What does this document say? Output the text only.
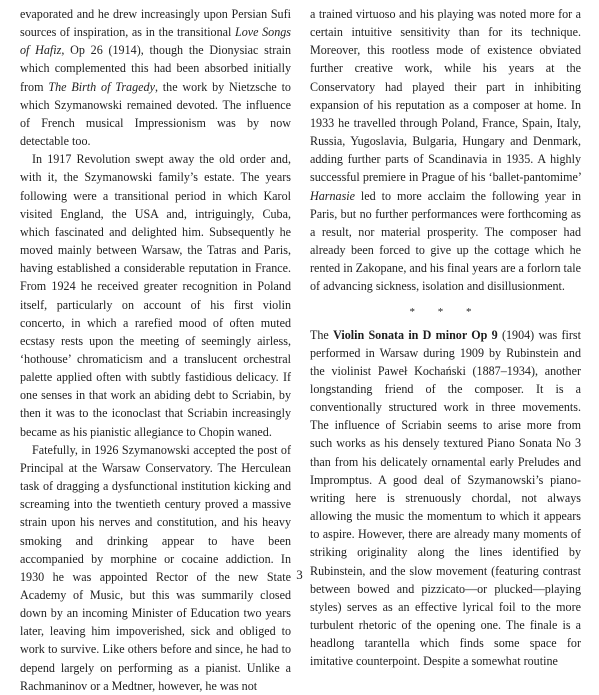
evaporated and he drew increasingly upon Persian Sufi sources of inspiration, as in the transitional Love Songs of Hafiz, Op 26 (1914), though the Dionysiac strain which complemented this had been absorbed initially from The Birth of Tragedy, the work by Nietzsche to which Szymanowski remained devoted. The influence of French musical Impressionism was by now detectable too.

In 1917 Revolution swept away the old order and, with it, the Szymanowski family’s estate. The years following were a transitional period in which Karol visited England, the USA and, intriguingly, Cuba, which fascinated and delighted him. Subsequently he moved mainly between Warsaw, the Tatras and Paris, having established a considerable reputation in France. From 1924 he received greater recognition in Poland itself, particularly on account of his first violin concerto, in which a rarefied mood of often muted ecstasy rests upon the meeting of seemingly airless, ‘hothouse’ chromaticism and a translucent orchestral palette applied often with subtly fastidious delicacy. If one senses in that work an abiding debt to Scriabin, by then it was to the iconoclast that Scriabin increasingly became as his pianistic allegiance to Chopin waned.

Fatefully, in 1926 Szymanowski accepted the post of Principal at the Warsaw Conservatory. The Herculean task of dragging a dysfunctional institution kicking and screaming into the twentieth century proved a massive strain upon his nerves and constitution, and his heavy smoking and drinking appear to have been accompanied by morphine or cocaine addiction. In 1930 he was appointed Rector of the new State Academy of Music, but this was summarily closed down by an incoming Minister of Education two years later, leaving him impoverished, sick and obliged to work to survive. Like others before and since, he had to depend largely on performing as a pianist. Unlike a Rachmaninov or a Medtner, however, he was not

a trained virtuoso and his playing was noted more for a certain intuitive sensitivity than for its technique. Moreover, this rootless mode of existence obviated further creative work, while his years at the Conservatory had played their part in inhibiting expansion of his reputation as a composer at home. In 1933 he travelled through Poland, France, Spain, Italy, Russia, Yugoslavia, Bulgaria, Hungary and Denmark, adding further parts of Scandinavia in 1935. A highly successful premiere in Prague of his ‘ballet-pantomime’ Harnasie led to more acclaim the following year in Paris, but no further performances were forthcoming as a result, nor material prosperity. The composer had already been forced to give up the cottage which he rented in Zakopane, and his final years are a forlorn tale of advancing sickness, isolation and disillusionment.

* * *

The Violin Sonata in D minor Op 9 (1904) was first performed in Warsaw during 1909 by Rubinstein and the violinist Paweł Kochański (1887–1934), another longstanding friend of the composer. It is a conventionally structured work in three movements. The influence of Scriabin seems to arise more from such works as his densely textured Piano Sonata No 3 than from his delicately ornamental early Preludes and Impromptus. A good deal of Szymanowski’s piano-writing here is strenuously chordal, not always allowing the music the momentum to which it appears to aspire. However, there are already many moments of striking originality along the lines identified by Rubinstein, and the slow movement (featuring contrast between bowed and pizzicato—or plucked—playing styles) serves as an effective lyrical foil to the more turbulent rhetoric of the opening one. The finale is a headlong tarantella which finds some space for imitative counterpoint. Despite a somewhat routine

3
